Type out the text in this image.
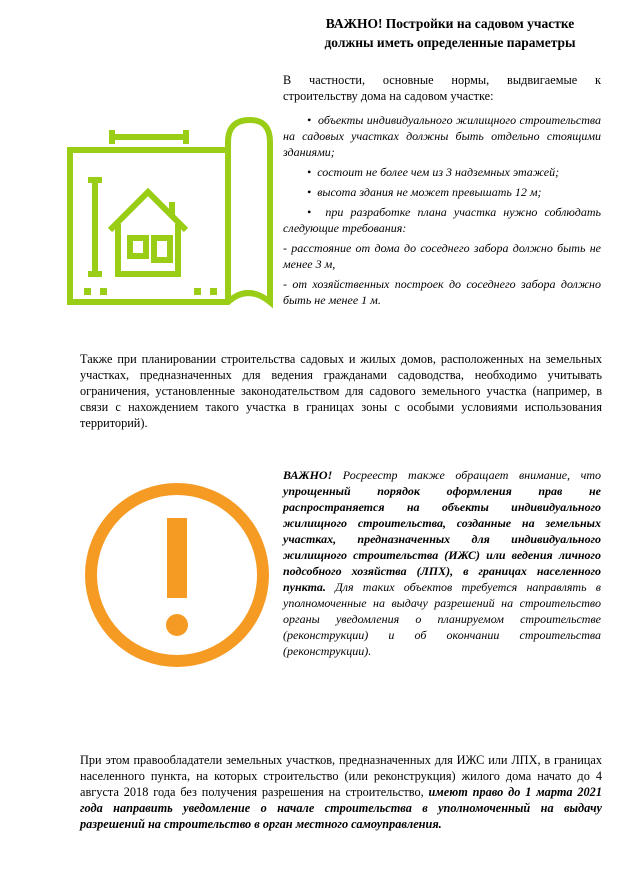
ВАЖНО! Постройки на садовом участке
должны иметь определенные параметры
В частности, основные нормы, выдвигаемые к строительству дома на садовом участке:

•  объекты индивидуального жилищного строительства на садовых участках должны быть отдельно стоящими зданиями;

•  состоит не более чем из 3 надземных этажей;

•  высота здания не может превышать 12 м;

•  при разработке плана участка нужно соблюдать следующие требования:

- расстояние от дома до соседнего забора должно быть не менее 3 м,

- от хозяйственных построек до соседнего забора должно быть не менее 1 м.

Также при планировании строительства садовых и жилых домов, расположенных на земельных участках, предназначенных для ведения гражданами садоводства, необходимо учитывать ограничения, установленные законодательством для садового земельного участка (например, в связи с нахождением такого участка в границах зоны с особыми условиями использования территорий).
ВАЖНО! Росреестр также обращает внимание, что упрощенный порядок оформления прав не распространяется на объекты индивидуального жилищного строительства, созданные на земельных участках, предназначенных для индивидуального жилищного строительства (ИЖС) или ведения личного подсобного хозяйства (ЛПХ), в границах населенного пункта. Для таких объектов требуется направлять в уполномоченные на выдачу разрешений на строительство органы уведомления о планируемом строительстве (реконструкции) и об окончании строительства (реконструкции).
При этом правообладатели земельных участков, предназначенных для ИЖС или ЛПХ, в границах населенного пункта, на которых строительство (или реконструкция) жилого дома начато до 4 августа 2018 года без получения разрешения на строительство, имеют право до 1 марта 2021 года направить уведомление о начале строительства в уполномоченный на выдачу разрешений на строительство в орган местного самоуправления.
